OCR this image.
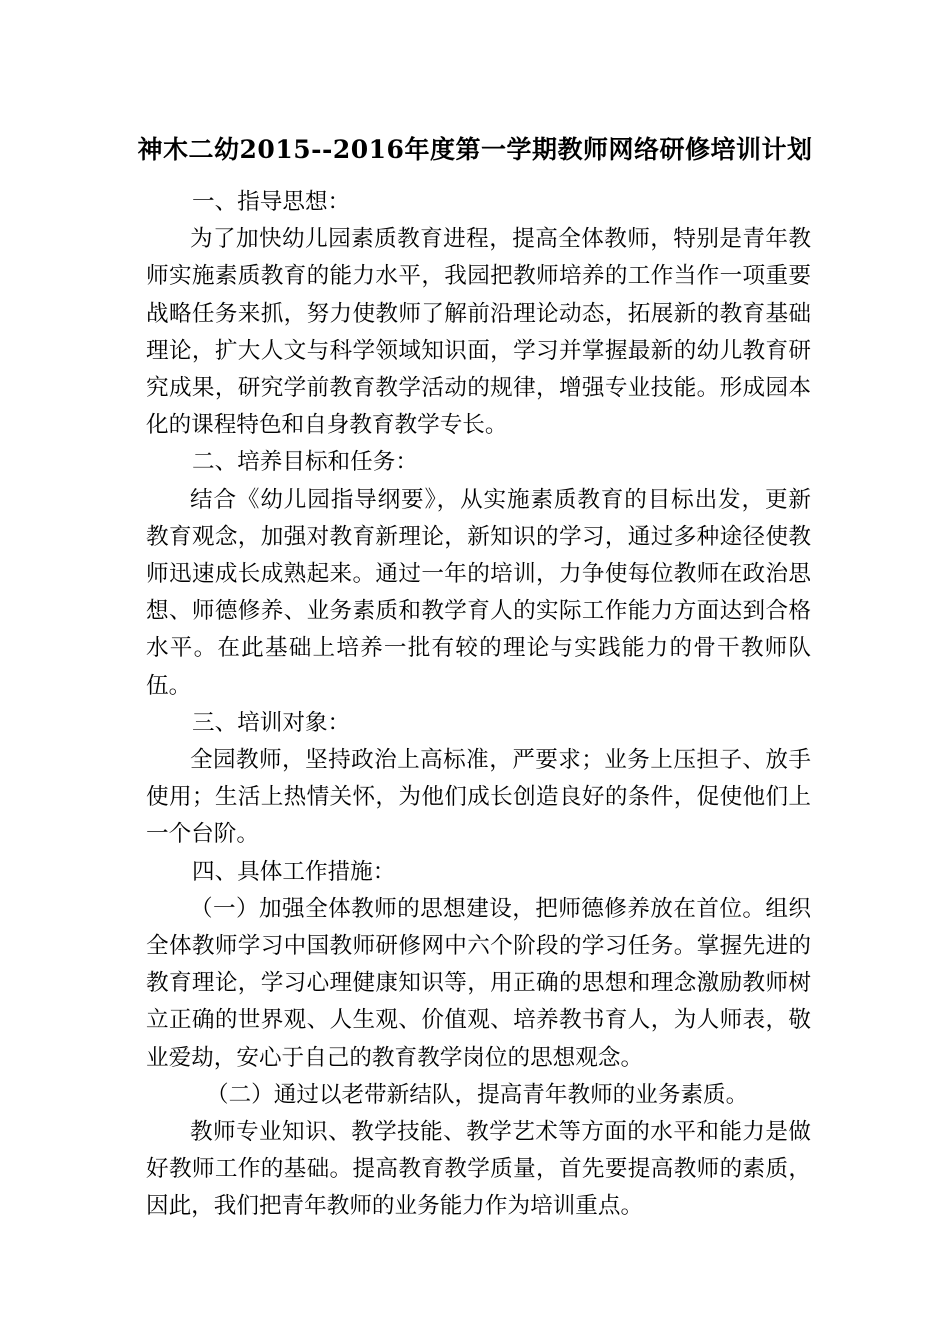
神木二幼2015--2016年度第一学期教师网络研修培训计划

一、指导思想：

为了加快幼儿园素质教育进程，提高全体教师，特别是青年教师实施素质教育的能力水平，我园把教师培养的工作当作一项重要战略任务来抓，努力使教师了解前沿理论动态，拓展新的教育基础理论，扩大人文与科学领域知识面，学习并掌握最新的幼儿教育研究成果，研究学前教育教学活动的规律，增强专业技能。形成园本化的课程特色和自身教育教学专长。

二、培养目标和任务：

结合《幼儿园指导纲要》，从实施素质教育的目标出发，更新教育观念，加强对教育新理论，新知识的学习，通过多种途径使教师迅速成长成熟起来。通过一年的培训，力争使每位教师在政治思想、师德修养、业务素质和教学育人的实际工作能力方面达到合格水平。在此基础上培养一批有较的理论与实践能力的骨干教师队伍。

三、培训对象：

全园教师，坚持政治上高标准，严要求；业务上压担子、放手使用；生活上热情关怀，为他们成长创造良好的条件，促使他们上一个台阶。

四、具体工作措施：

（一）加强全体教师的思想建设，把师德修养放在首位。组织全体教师学习中国教师研修网中六个阶段的学习任务。掌握先进的教育理论，学习心理健康知识等，用正确的思想和理念激励教师树立正确的世界观、人生观、价值观、培养教书育人，为人师表，敬业爱劫，安心于自己的教育教学岗位的思想观念。

（二）通过以老带新结队，提高青年教师的业务素质。

教师专业知识、教学技能、教学艺术等方面的水平和能力是做好教师工作的基础。提高教育教学质量，首先要提高教师的素质，因此，我们把青年教师的业务能力作为培训重点。
